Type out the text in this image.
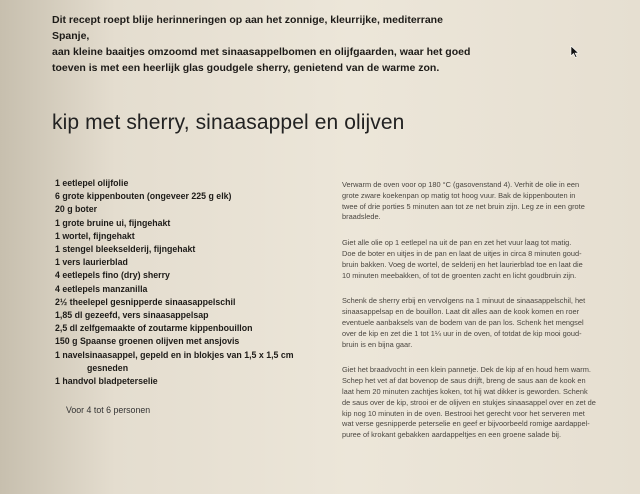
Dit recept roept blije herinneringen op aan het zonnige, kleurrijke, mediterrane Spanje,
aan kleine baaitjes omzoomd met sinaasappelbomen en olijfgaarden, waar het goed
toeven is met een heerlijk glas goudgele sherry, genietend van de warme zon.
kip met sherry, sinaasappel en olijven
1 eetlepel olijfolie
6 grote kippenbouten (ongeveer 225 g elk)
20 g boter
1 grote bruine ui, fijngehakt
1 wortel, fijngehakt
1 stengel bleekselderij, fijngehakt
1 vers laurierblad
4 eetlepels fino (dry) sherry
4 eetlepels manzanilla
2½ theelepel gesnipperde sinaasappelschil
1,85 dl gezeefd, vers sinaasappelsap
2,5 dl zelfgemaakte of zoutarme kippenbouillon
150 g Spaanse groenen olijven met ansjovis
1 navelsinaasappel, gepeld en in blokjes van 1,5 x 1,5 cm
gesneden
1 handvol bladpeterselie
Voor 4 tot 6 personen

Verwarm de oven voor op 180 °C (gasovenstand 4). Verhit de olie in een
grote zware koekenpan op matig tot hoog vuur. Bak de kippenbouten in
twee of drie porties 5 minuten aan tot ze net bruin zijn. Leg ze in een grote
braadslede.

Giet alle olie op 1 eetlepel na uit de pan en zet het vuur laag tot matig.
Doe de boter en uitjes in de pan en laat de uitjes in circa 8 minuten goud-
bruin bakken. Voeg de wortel, de selderij en het laurierblad toe en laat die
10 minuten meebakken, of tot de groenten zacht en licht goudbruin zijn.

Schenk de sherry erbij en vervolgens na 1 minuut de sinaasappelschil, het
sinaasappelsap en de bouillon. Laat dit alles aan de kook komen en roer
eventuele aanbaksels van de bodem van de pan los. Schenk het mengsel
over de kip en zet die 1 tot 1¼ uur in de oven, of totdat de kip mooi goud-
bruin is en bijna gaar.

Giet het braadvocht in een klein pannetje. Dek de kip af en houd hem warm.
Schep het vet af dat bovenop de saus drijft, breng de saus aan de kook en
laat hem 20 minuten zachtjes koken, tot hij wat dikker is geworden. Schenk
de saus over de kip, strooi er de olijven en stukjes sinaasappel over en zet de
kip nog 10 minuten in de oven. Bestrooi het gerecht voor het serveren met
wat verse gesnipperde peterselie en geef er bijvoorbeeld romige aardappel-
puree of krokant gebakken aardappeltjes en een groene salade bij.
